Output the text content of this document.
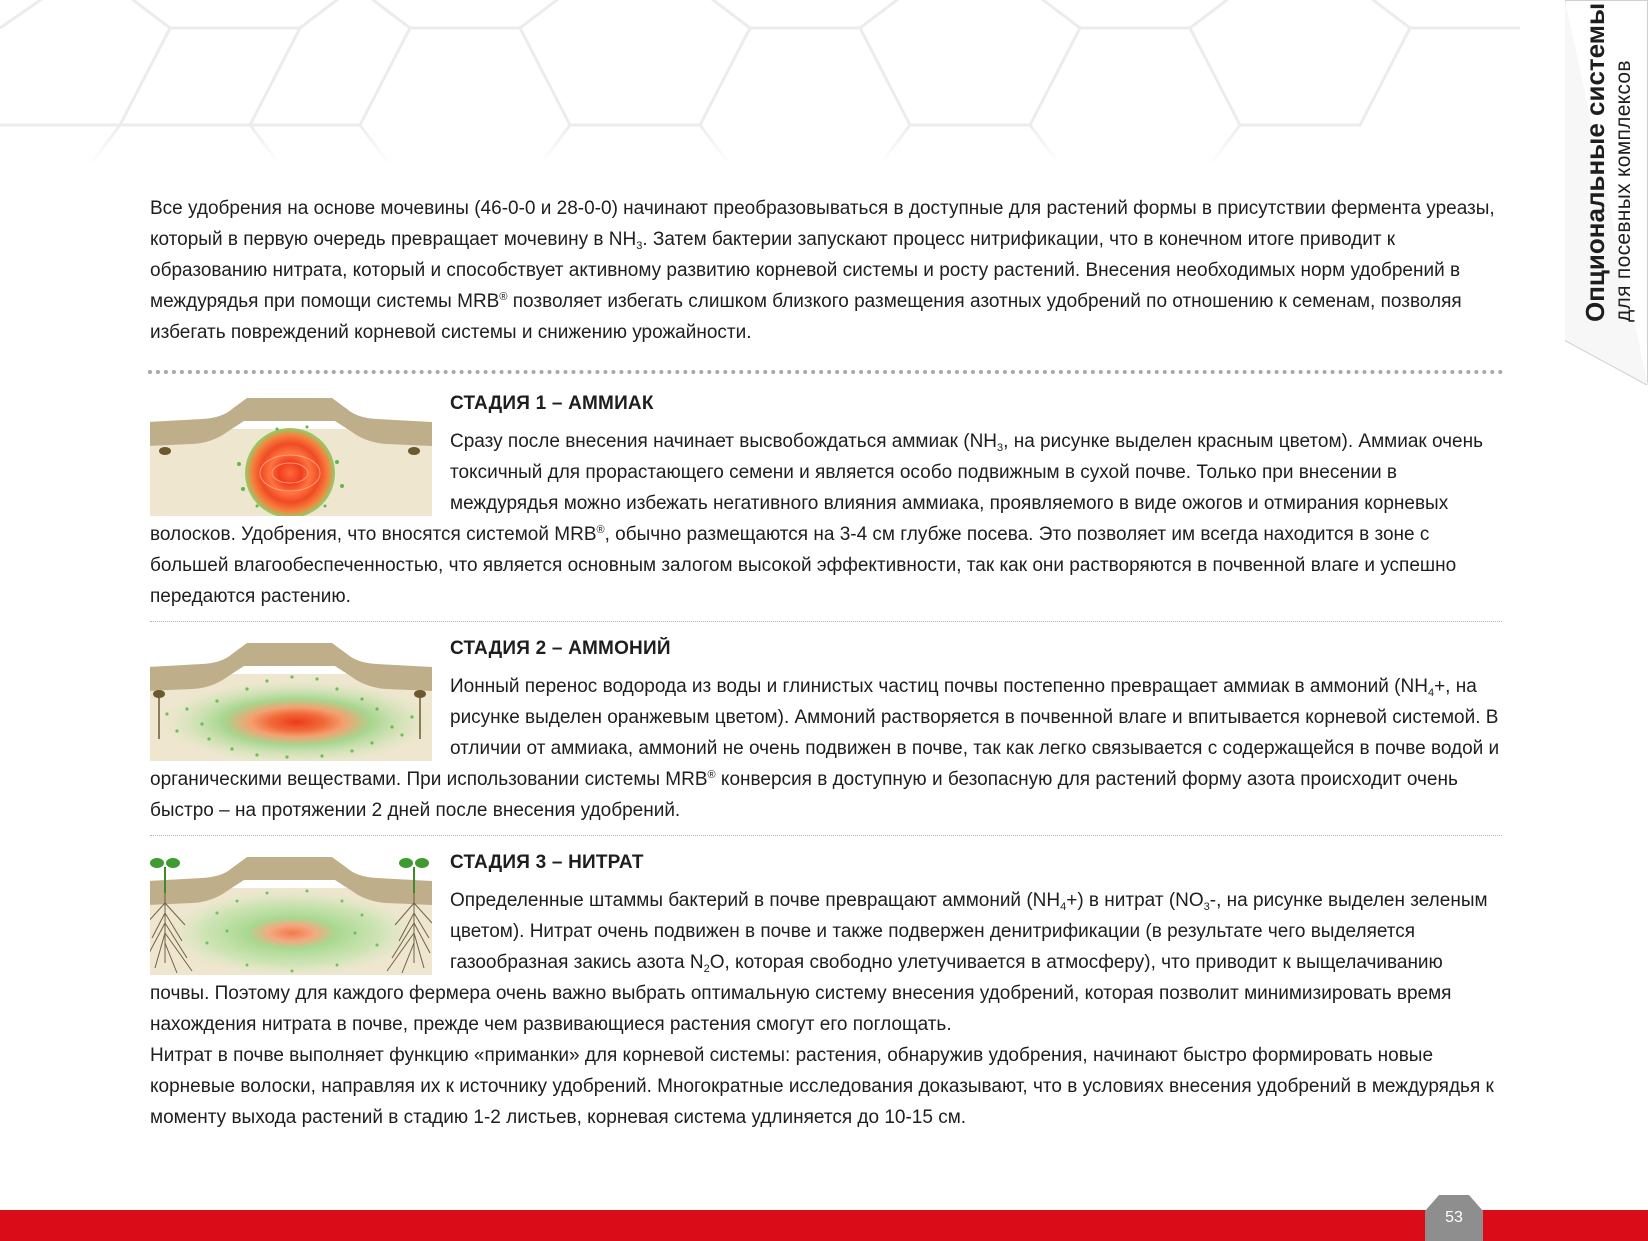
Опциональные системы для посевных комплексов

Все удобрения на основе мочевины (46-0-0 и 28-0-0) начинают преобразовываться в доступные для растений формы в присутствии фермента уреазы, который в первую очередь превращает мочевину в $NH_3$. Затем бактерии запускают процесс нитрификации, что в конечном итоге приводит к образованию нитрата, который и способствует активному развитию корневой системы и росту растений. Внесения необходимых норм удобрений в междурядья при помощи системы MRB® позволяет избегать слишком близкого размещения азотных удобрений по отношению к семенам, позволяя избегать повреждений корневой системы и снижению урожайности.

СТАДИЯ 1 – АММИАК

Сразу после внесения начинает высвобождаться аммиак ($NH_3$, на рисунке выделен красным цветом). Аммиак очень токсичный для прорастающего семени и является особо подвижным в сухой почве. Только при внесении в междурядья можно избежать негативного влияния аммиака, проявляемого в виде ожогов и отмирания корневых волосков. Удобрения, что вносятся системой MRB®, обычно размещаются на 3-4 см глубже посева. Это позволяет им всегда находится в зоне с большей влагообеспеченностью, что является основным залогом высокой эффективности, так как они растворяются в почвенной влаге и успешно передаются растению.

СТАДИЯ 2 – АММОНИЙ

Ионный перенос водорода из воды и глинистых частиц почвы постепенно превращает аммиак в аммоний ($NH_4+$, на рисунке выделен оранжевым цветом). Аммоний растворяется в почвенной влаге и впитывается корневой системой. В отличии от аммиака, аммоний не очень подвижен в почве, так как легко связывается с содержащейся в почве водой и органическими веществами. При использовании системы MRB® конверсия в доступную и безопасную для растений форму азота происходит очень быстро – на протяжении 2 дней после внесения удобрений.

СТАДИЯ 3 – НИТРАТ

Определенные штаммы бактерий в почве превращают аммоний $(NH_4+)$ в нитрат ($NO_3-$, на рисунке выделен зеленым цветом). Нитрат очень подвижен в почве и также подвержен денитрификации (в результате чего выделяется газообразная закись азота $N_2O$, которая свободно улетучивается в атмосферу), что приводит к выщелачиванию почвы. Поэтому для каждого фермера очень важно выбрать оптимальную систему внесения удобрений, которая позволит минимизировать время нахождения нитрата в почве, прежде чем развивающиеся растения смогут его поглощать.

Нитрат в почве выполняет функцию «приманки» для корневой системы: растения, обнаружив удобрения, начинают быстро формировать новые корневые волоски, направляя их к источнику удобрений. Многократные исследования доказывают, что в условиях внесения удобрений в междурядья к моменту выхода растений в стадию 1-2 листьев, корневая система удлиняется до 10-15 см.

53
